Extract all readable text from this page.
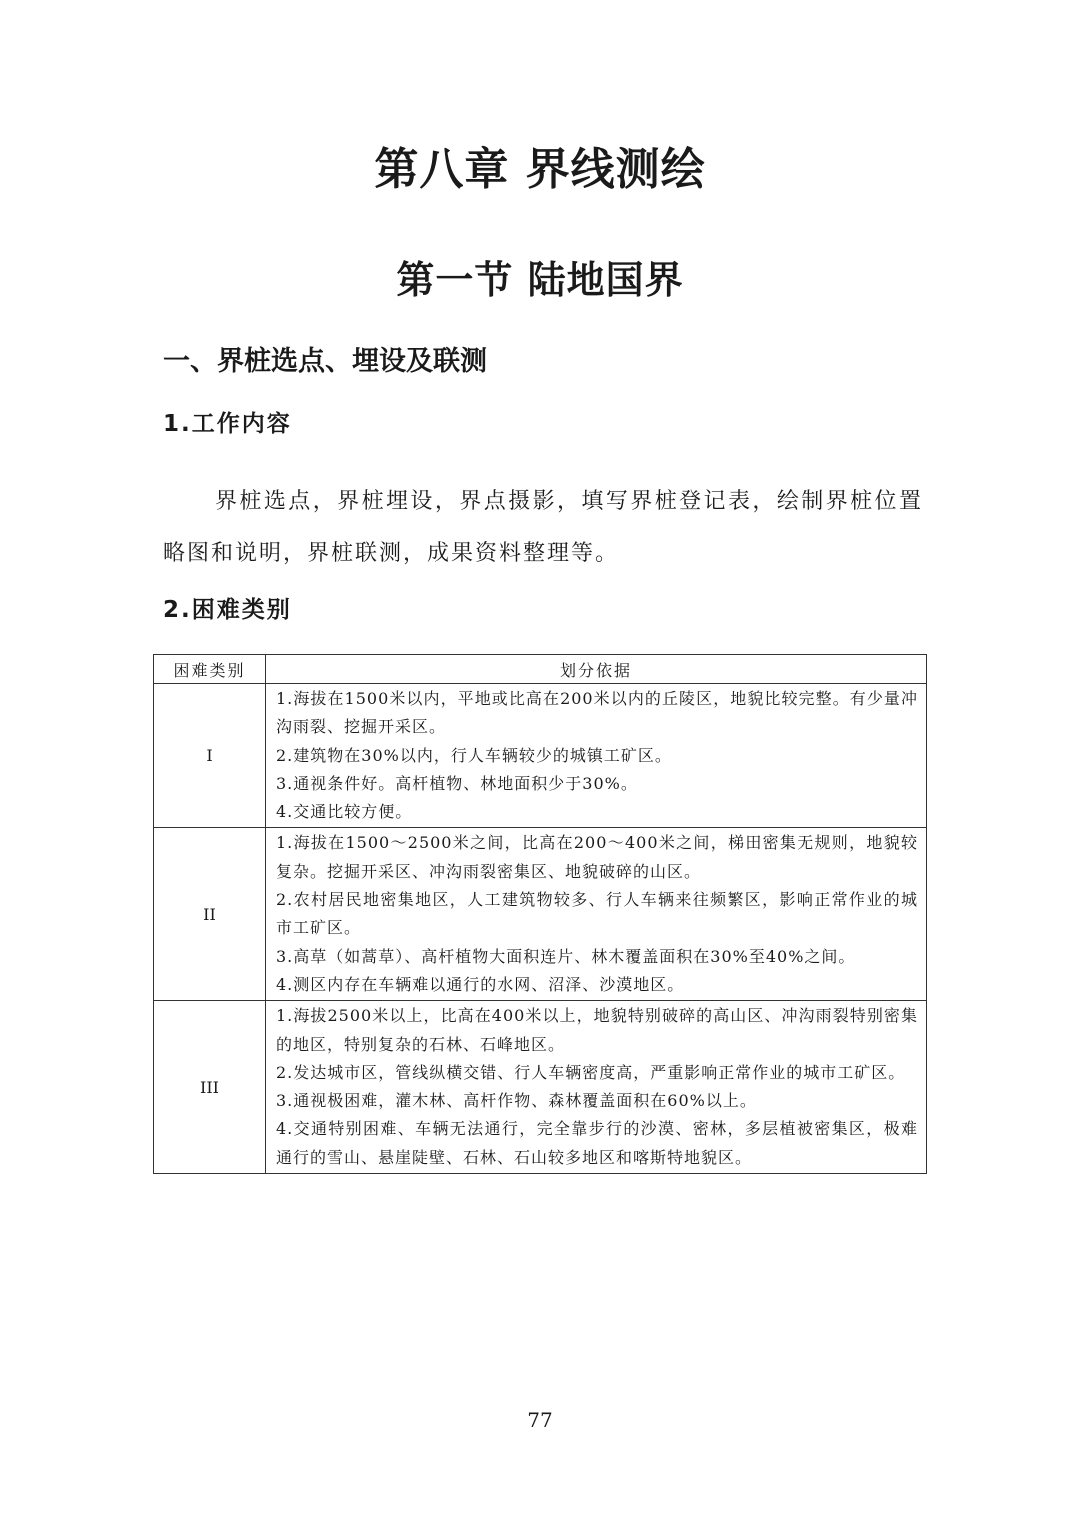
第八章 界线测绘
第一节 陆地国界
一、界桩选点、埋设及联测
1.工作内容

界桩选点，界桩埋设，界点摄影，填写界桩登记表，绘制界桩位置略图和说明，界桩联测，成果资料整理等。

2.困难类别
困难类别	划分依据
I	1.海拔在1500米以内，平地或比高在200米以内的丘陵区，地貌比较完整。有少量冲沟雨裂、挖掘开采区。

2.建筑物在30%以内，行人车辆较少的城镇工矿区。

3.通视条件好。高杆植物、林地面积少于30%。

4.交通比较方便。

II	1.海拔在1500～2500米之间，比高在200～400米之间，梯田密集无规则，地貌较复杂。挖掘开采区、冲沟雨裂密集区、地貌破碎的山区。

2.农村居民地密集地区，人工建筑物较多、行人车辆来往频繁区，影响正常作业的城市工矿区。

3.高草（如蒿草）、高杆植物大面积连片、林木覆盖面积在30%至40%之间。

4.测区内存在车辆难以通行的水网、沼泽、沙漠地区。

III	1.海拔2500米以上，比高在400米以上，地貌特别破碎的高山区、冲沟雨裂特别密集的地区，特别复杂的石林、石峰地区。

2.发达城市区，管线纵横交错、行人车辆密度高，严重影响正常作业的城市工矿区。

3.通视极困难，灌木林、高杆作物、森林覆盖面积在60%以上。

4.交通特别困难、车辆无法通行，完全靠步行的沙漠、密林，多层植被密集区，极难通行的雪山、悬崖陡壁、石林、石山较多地区和喀斯特地貌区。

77
